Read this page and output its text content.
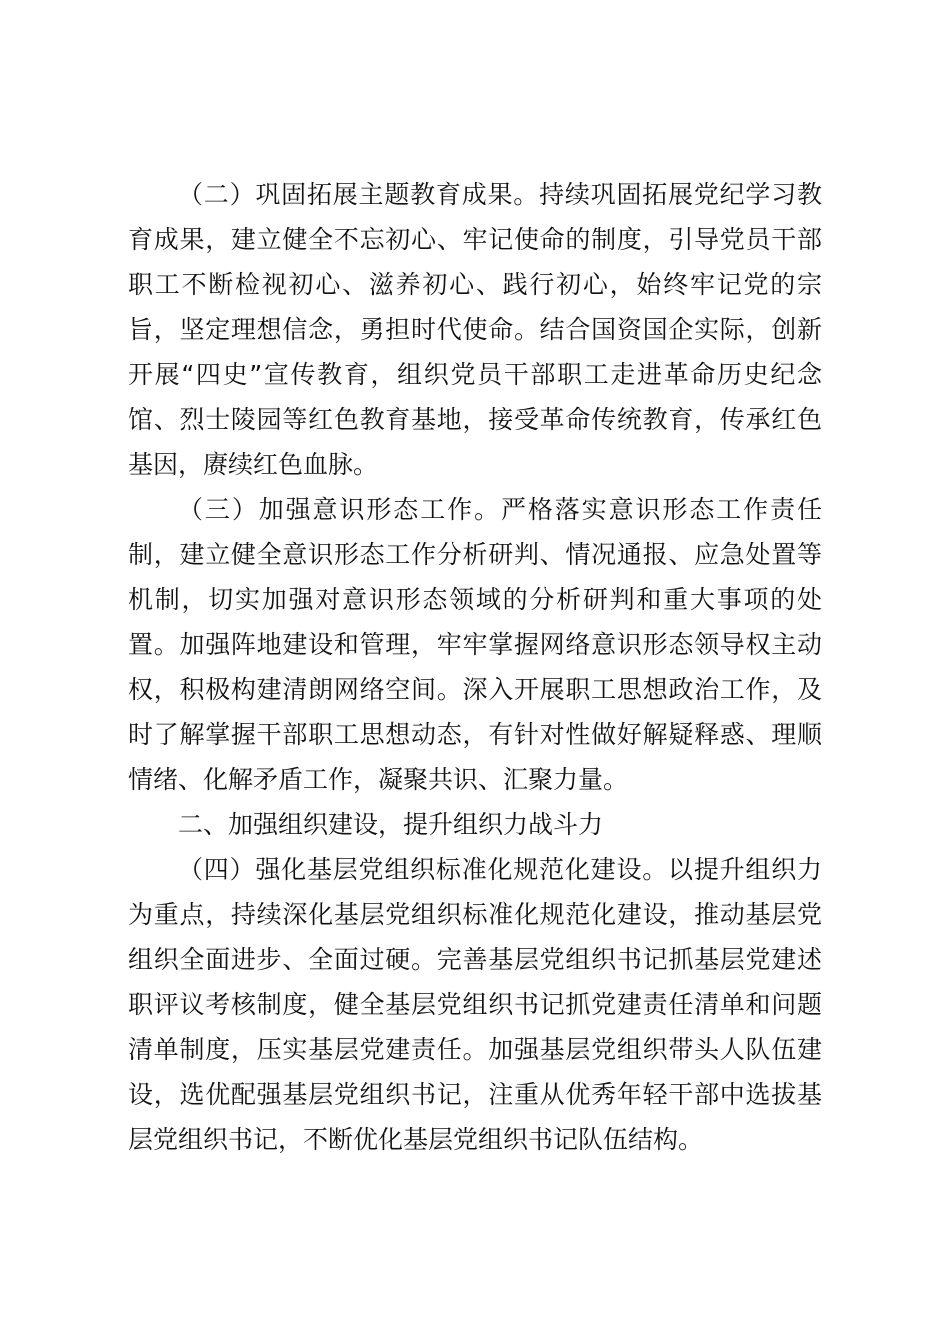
（二）巩固拓展主题教育成果。持续巩固拓展党纪学习教
育成果，建立健全不忘初心、牢记使命的制度，引导党员干部
职工不断检视初心、滋养初心、践行初心，始终牢记党的宗
旨，坚定理想信念，勇担时代使命。结合国资国企实际，创新
开展“四史”宣传教育，组织党员干部职工走进革命历史纪念
馆、烈士陵园等红色教育基地，接受革命传统教育，传承红色
基因，赓续红色血脉。
（三）加强意识形态工作。严格落实意识形态工作责任
制，建立健全意识形态工作分析研判、情况通报、应急处置等
机制，切实加强对意识形态领域的分析研判和重大事项的处
置。加强阵地建设和管理，牢牢掌握网络意识形态领导权主动
权，积极构建清朗网络空间。深入开展职工思想政治工作，及
时了解掌握干部职工思想动态，有针对性做好解疑释惑、理顺
情绪、化解矛盾工作，凝聚共识、汇聚力量。
二、加强组织建设，提升组织力战斗力
（四）强化基层党组织标准化规范化建设。以提升组织力
为重点，持续深化基层党组织标准化规范化建设，推动基层党
组织全面进步、全面过硬。完善基层党组织书记抓基层党建述
职评议考核制度，健全基层党组织书记抓党建责任清单和问题
清单制度，压实基层党建责任。加强基层党组织带头人队伍建
设，选优配强基层党组织书记，注重从优秀年轻干部中选拔基
层党组织书记，不断优化基层党组织书记队伍结构。
